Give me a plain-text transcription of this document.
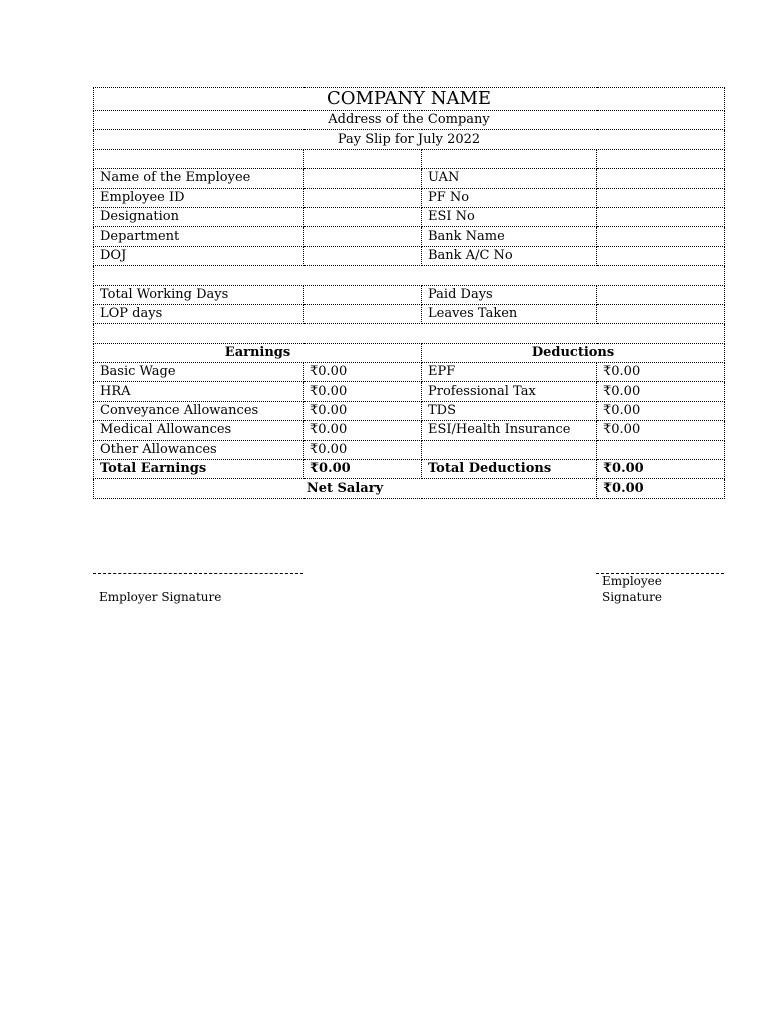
COMPANY NAME			
Address of the Company			
Pay Slip for July 2022			

Name of the Employee		UAN	
Employee ID		PF No	
Designation		ESI No	
Department		Bank Name	
DOJ		Bank A/C No	

Total Working Days		Paid Days	
LOP days		Leaves Taken	

Earnings		Deductions	
Basic Wage	₹0.00	EPF	₹0.00
HRA	₹0.00	Professional Tax	₹0.00
Conveyance Allowances	₹0.00	TDS	₹0.00
Medical Allowances	₹0.00	ESI/Health Insurance	₹0.00
Other Allowances	₹0.00		
Total Earnings	₹0.00	Total Deductions	₹0.00
Net Salary			₹0.00
Employer Signature
Employee
Signature
